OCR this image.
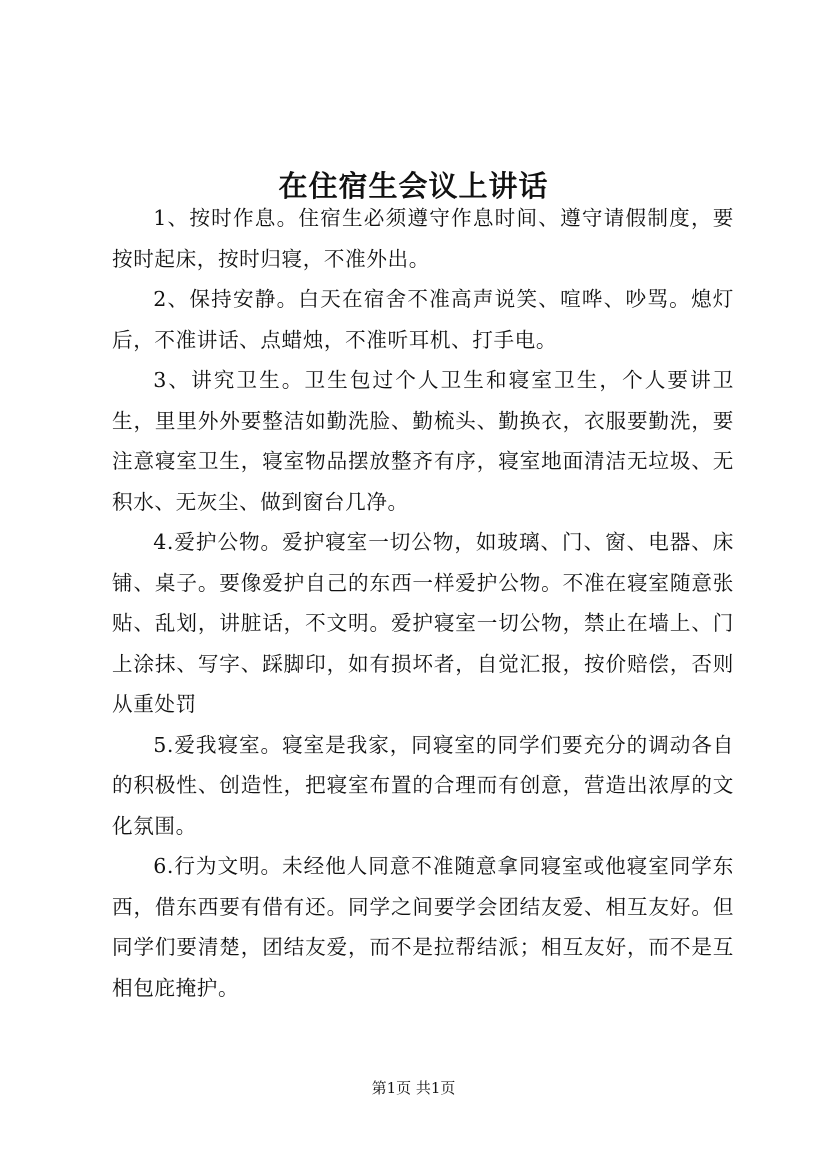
在住宿生会议上讲话

1、按时作息。住宿生必须遵守作息时间、遵守请假制度，要按时起床，按时归寝，不准外出。

2、保持安静。白天在宿舍不准高声说笑、喧哗、吵骂。熄灯后，不准讲话、点蜡烛，不准听耳机、打手电。

3、讲究卫生。卫生包过个人卫生和寝室卫生，个人要讲卫生，里里外外要整洁如勤洗脸、勤梳头、勤换衣，衣服要勤洗，要注意寝室卫生，寝室物品摆放整齐有序，寝室地面清洁无垃圾、无积水、无灰尘、做到窗台几净。

4.爱护公物。爱护寝室一切公物，如玻璃、门、窗、电器、床铺、桌子。要像爱护自己的东西一样爱护公物。不准在寝室随意张贴、乱划，讲脏话，不文明。爱护寝室一切公物，禁止在墙上、门上涂抹、写字、踩脚印，如有损坏者，自觉汇报，按价赔偿，否则从重处罚

5.爱我寝室。寝室是我家，同寝室的同学们要充分的调动各自的积极性、创造性，把寝室布置的合理而有创意，营造出浓厚的文化氛围。

6.行为文明。未经他人同意不准随意拿同寝室或他寝室同学东西，借东西要有借有还。同学之间要学会团结友爱、相互友好。但同学们要清楚，团结友爱，而不是拉帮结派；相互友好，而不是互相包庇掩护。

第1页 共1页
